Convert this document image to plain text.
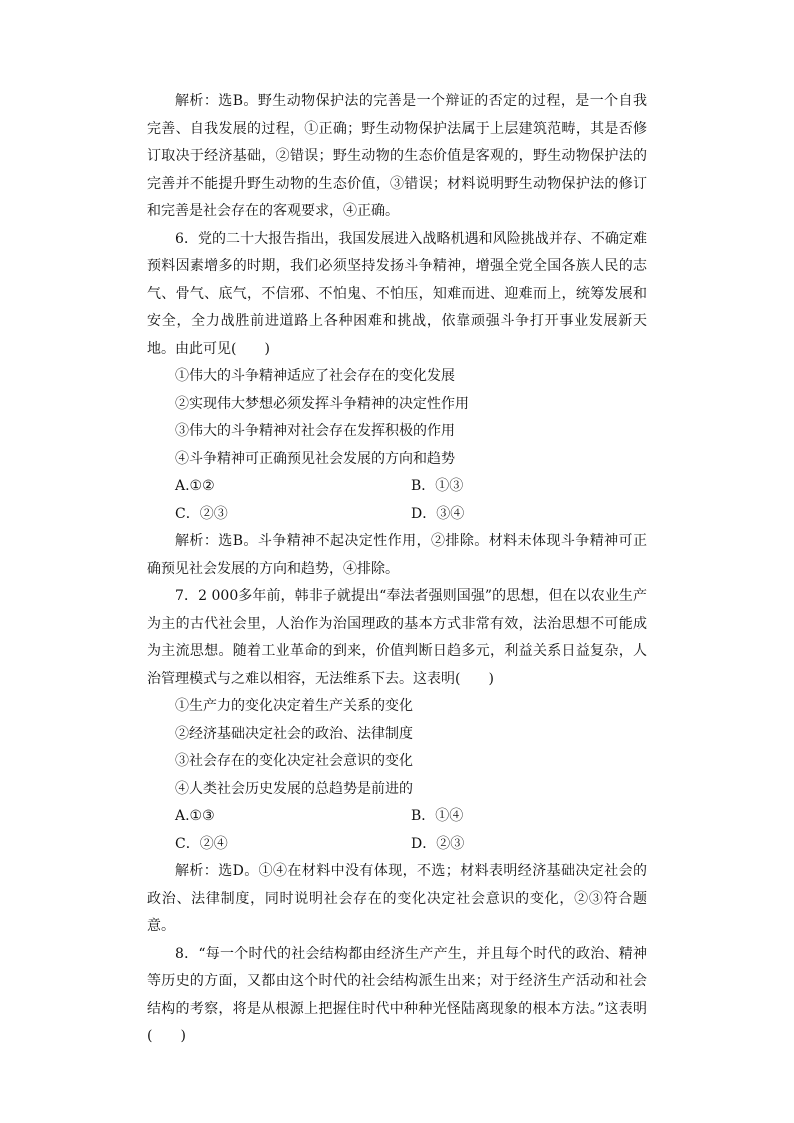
解析：选B。野生动物保护法的完善是一个辩证的否定的过程，是一个自我完善、自我发展的过程，①正确；野生动物保护法属于上层建筑范畴，其是否修订取决于经济基础，②错误；野生动物的生态价值是客观的，野生动物保护法的完善并不能提升野生动物的生态价值，③错误；材料说明野生动物保护法的修订和完善是社会存在的客观要求，④正确。

6．党的二十大报告指出，我国发展进入战略机遇和风险挑战并存、不确定难预料因素增多的时期，我们必须坚持发扬斗争精神，增强全党全国各族人民的志气、骨气、底气，不信邪、不怕鬼、不怕压，知难而进、迎难而上，统筹发展和安全，全力战胜前进道路上各种困难和挑战，依靠顽强斗争打开事业发展新天地。由此可见(　　)

①伟大的斗争精神适应了社会存在的变化发展

②实现伟大梦想必须发挥斗争精神的决定性作用

③伟大的斗争精神对社会存在发挥积极的作用

④斗争精神可正确预见社会发展的方向和趋势

A.①②	B．①③
C．②③	D．③④

解析：选B。斗争精神不起决定性作用，②排除。材料未体现斗争精神可正确预见社会发展的方向和趋势，④排除。

7．2 000多年前，韩非子就提出“奉法者强则国强”的思想，但在以农业生产为主的古代社会里，人治作为治国理政的基本方式非常有效，法治思想不可能成为主流思想。随着工业革命的到来，价值判断日趋多元，利益关系日益复杂，人治管理模式与之难以相容，无法维系下去。这表明(　　)

①生产力的变化决定着生产关系的变化

②经济基础决定社会的政治、法律制度

③社会存在的变化决定社会意识的变化

④人类社会历史发展的总趋势是前进的

A.①③	B．①④
C．②④	D．②③

解析：选D。①④在材料中没有体现，不选；材料表明经济基础决定社会的政治、法律制度，同时说明社会存在的变化决定社会意识的变化，②③符合题意。

8．“每一个时代的社会结构都由经济生产产生，并且每个时代的政治、精神等历史的方面，又都由这个时代的社会结构派生出来；对于经济生产活动和社会结构的考察，将是从根源上把握住时代中种种光怪陆离现象的根本方法。”这表明(　　)
